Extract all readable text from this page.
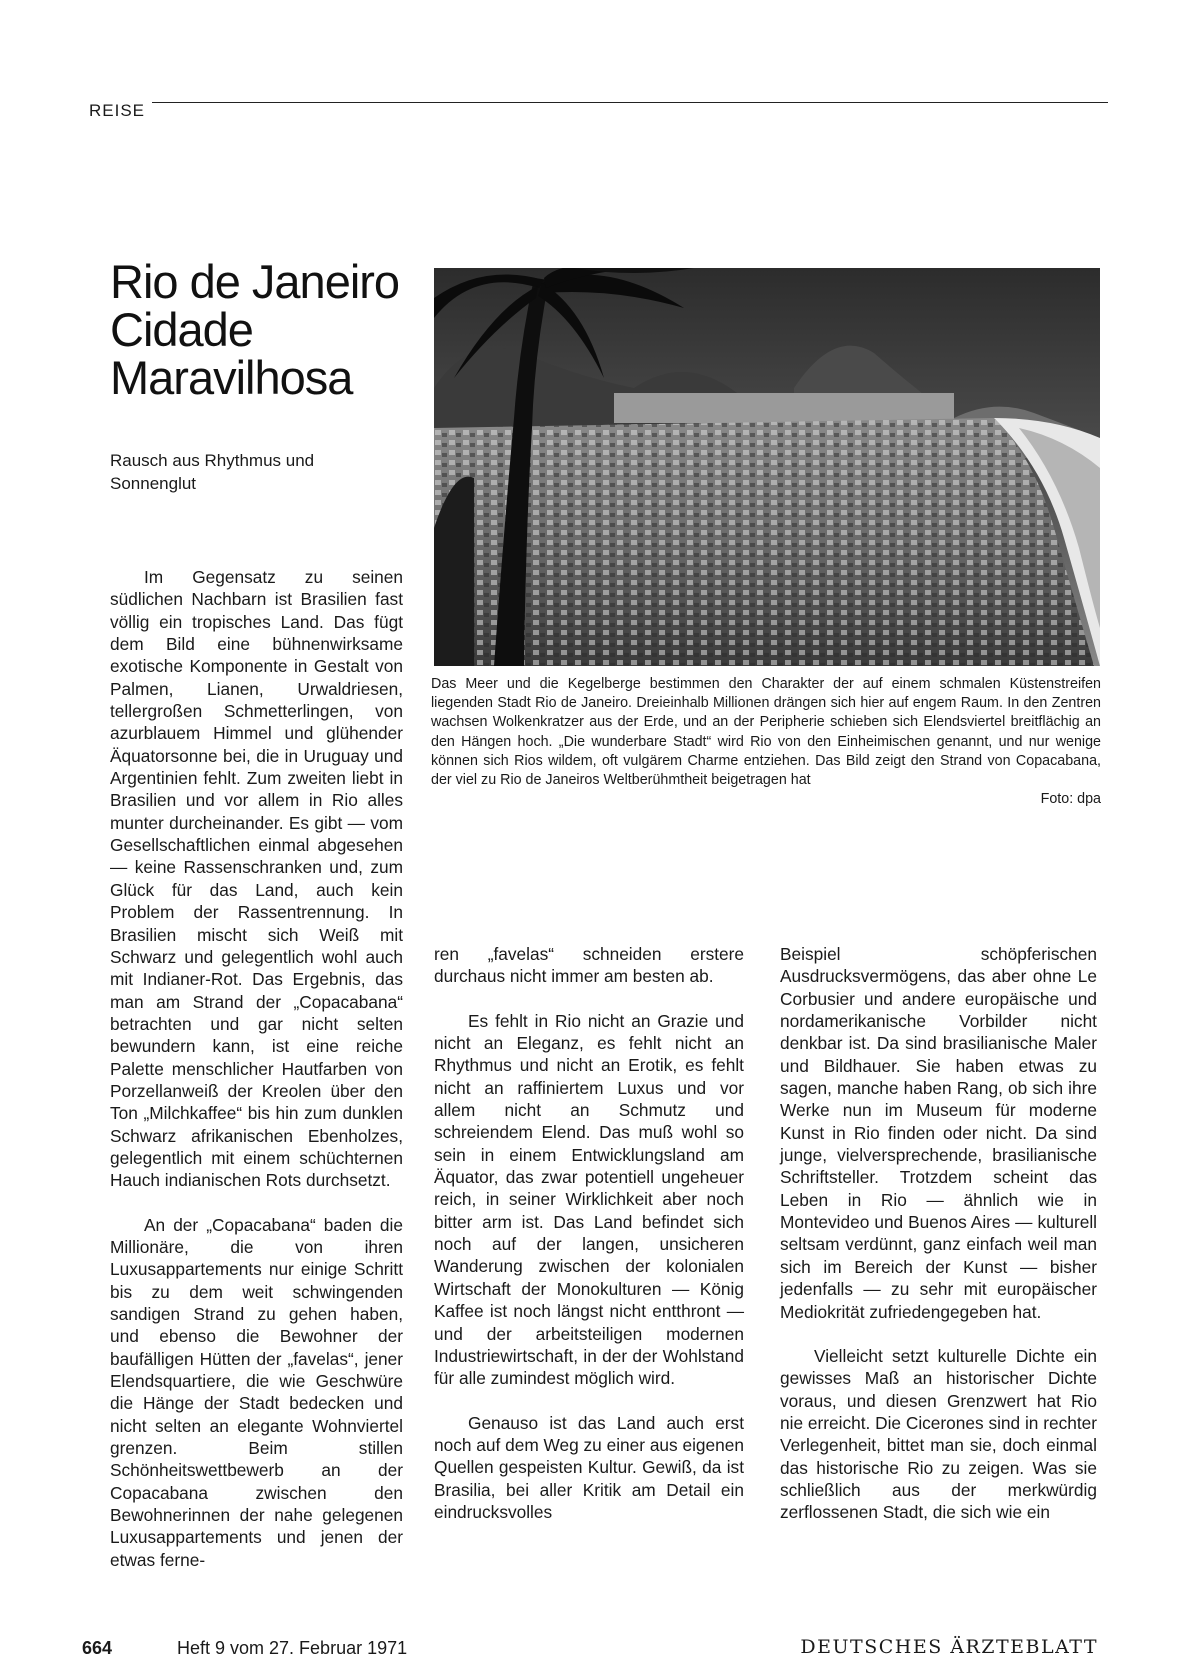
REISE
Rio de Janeiro
Cidade
Maravilhosa
Rausch aus Rhythmus und Sonnenglut
Das Meer und die Kegelberge bestimmen den Charakter der auf einem schmalen Küstenstreifen liegenden Stadt Rio de Janeiro. Dreieinhalb Millionen drängen sich hier auf engem Raum. In den Zentren wachsen Wolkenkratzer aus der Erde, und an der Peripherie schieben sich Elendsviertel breitflächig an den Hängen hoch. „Die wunderbare Stadt“ wird Rio von den Einheimischen genannt, und nur wenige können sich Rios wildem, oft vulgärem Charme entziehen. Das Bild zeigt den Strand von Copacabana, der viel zu Rio de Janeiros Weltberühmtheit beigetragen hat
Foto: dpa

Im Gegensatz zu seinen südlichen Nachbarn ist Brasilien fast völlig ein tropisches Land. Das fügt dem Bild eine bühnenwirksame exotische Komponente in Gestalt von Palmen, Lianen, Urwaldriesen, tellergroßen Schmetterlingen, von azurblauem Himmel und glühender Äquatorsonne bei, die in Uruguay und Argentinien fehlt. Zum zweiten liebt in Brasilien und vor allem in Rio alles munter durcheinander. Es gibt — vom Gesellschaftlichen einmal abgesehen — keine Rassenschranken und, zum Glück für das Land, auch kein Problem der Rassentrennung. In Brasilien mischt sich Weiß mit Schwarz und gelegentlich wohl auch mit Indianer-Rot. Das Ergebnis, das man am Strand der „Copacabana“ betrachten und gar nicht selten bewundern kann, ist eine reiche Palette menschlicher Hautfarben von Porzellanweiß der Kreolen über den Ton „Milchkaffee“ bis hin zum dunklen Schwarz afrikanischen Ebenholzes, gelegentlich mit einem schüchternen Hauch indianischen Rots durchsetzt.

An der „Copacabana“ baden die Millionäre, die von ihren Luxusappartements nur einige Schritt bis zu dem weit schwingenden sandigen Strand zu gehen haben, und ebenso die Bewohner der baufälligen Hütten der „favelas“, jener Elendsquartiere, die wie Geschwüre die Hänge der Stadt bedecken und nicht selten an elegante Wohnviertel grenzen. Beim stillen Schönheitswettbewerb an der Copacabana zwischen den Bewohnerinnen der nahe gelegenen Luxusappartements und jenen der etwas ferne-

ren „favelas“ schneiden erstere durchaus nicht immer am besten ab.

Es fehlt in Rio nicht an Grazie und nicht an Eleganz, es fehlt nicht an Rhythmus und nicht an Erotik, es fehlt nicht an raffiniertem Luxus und vor allem nicht an Schmutz und schreiendem Elend. Das muß wohl so sein in einem Entwicklungsland am Äquator, das zwar potentiell ungeheuer reich, in seiner Wirklichkeit aber noch bitter arm ist. Das Land befindet sich noch auf der langen, unsicheren Wanderung zwischen der kolonialen Wirtschaft der Monokulturen — König Kaffee ist noch längst nicht entthront — und der arbeitsteiligen modernen Industriewirtschaft, in der der Wohlstand für alle zumindest möglich wird.

Genauso ist das Land auch erst noch auf dem Weg zu einer aus eigenen Quellen gespeisten Kultur. Gewiß, da ist Brasilia, bei aller Kritik am Detail ein eindrucksvolles

Beispiel schöpferischen Ausdrucksvermögens, das aber ohne Le Corbusier und andere europäische und nordamerikanische Vorbilder nicht denkbar ist. Da sind brasilianische Maler und Bildhauer. Sie haben etwas zu sagen, manche haben Rang, ob sich ihre Werke nun im Museum für moderne Kunst in Rio finden oder nicht. Da sind junge, vielversprechende, brasilianische Schriftsteller. Trotzdem scheint das Leben in Rio — ähnlich wie in Montevideo und Buenos Aires — kulturell seltsam verdünnt, ganz einfach weil man sich im Bereich der Kunst — bisher jedenfalls — zu sehr mit europäischer Mediokrität zufriedengegeben hat.

Vielleicht setzt kulturelle Dichte ein gewisses Maß an historischer Dichte voraus, und diesen Grenzwert hat Rio nie erreicht. Die Cicerones sind in rechter Verlegenheit, bittet man sie, doch einmal das historische Rio zu zeigen. Was sie schließlich aus der merkwürdig zerflossenen Stadt, die sich wie ein

664	Heft 9 vom 27. Februar 1971	DEUTSCHES ÄRZTEBLATT
